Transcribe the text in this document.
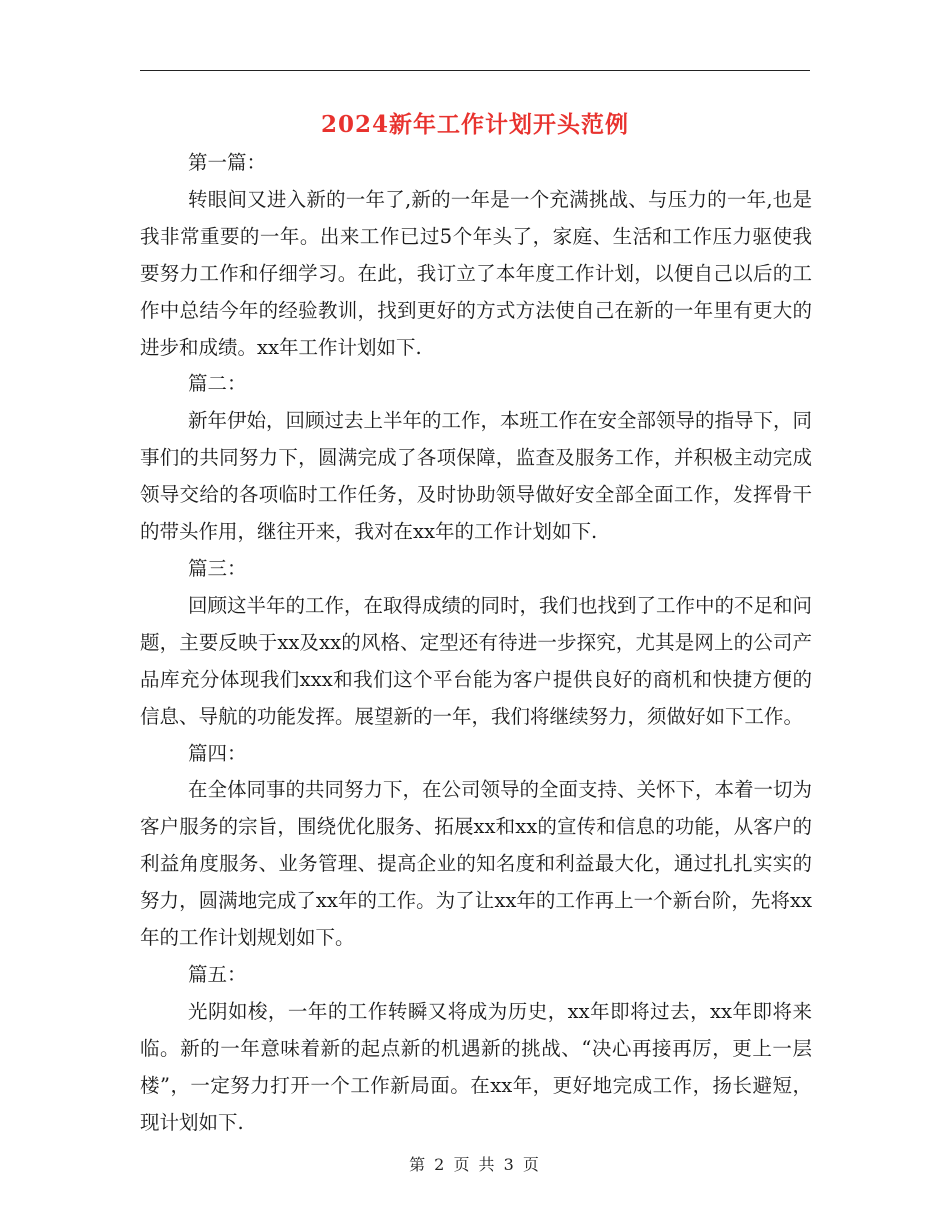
2024新年工作计划开头范例

第一篇：

转眼间又进入新的一年了,新的一年是一个充满挑战、与压力的一年,也是我非常重要的一年。出来工作已过5个年头了，家庭、生活和工作压力驱使我要努力工作和仔细学习。在此，我订立了本年度工作计划，以便自己以后的工作中总结今年的经验教训，找到更好的方式方法使自己在新的一年里有更大的进步和成绩。xx年工作计划如下.

篇二：

新年伊始，回顾过去上半年的工作，本班工作在安全部领导的指导下，同事们的共同努力下，圆满完成了各项保障，监查及服务工作，并积极主动完成领导交给的各项临时工作任务，及时协助领导做好安全部全面工作，发挥骨干的带头作用，继往开来，我对在xx年的工作计划如下.

篇三：

回顾这半年的工作，在取得成绩的同时，我们也找到了工作中的不足和问题，主要反映于xx及xx的风格、定型还有待进一步探究，尤其是网上的公司产品库充分体现我们xxx和我们这个平台能为客户提供良好的商机和快捷方便的信息、导航的功能发挥。展望新的一年，我们将继续努力，须做好如下工作。

篇四：

在全体同事的共同努力下，在公司领导的全面支持、关怀下，本着一切为客户服务的宗旨，围绕优化服务、拓展xx和xx的宣传和信息的功能，从客户的利益角度服务、业务管理、提高企业的知名度和利益最大化，通过扎扎实实的努力，圆满地完成了xx年的工作。为了让xx年的工作再上一个新台阶，先将xx年的工作计划规划如下。

篇五：

光阴如梭，一年的工作转瞬又将成为历史，xx年即将过去，xx年即将来临。新的一年意味着新的起点新的机遇新的挑战、“决心再接再厉，更上一层楼”，一定努力打开一个工作新局面。在xx年，更好地完成工作，扬长避短，现计划如下.

第 2 页 共 3 页
